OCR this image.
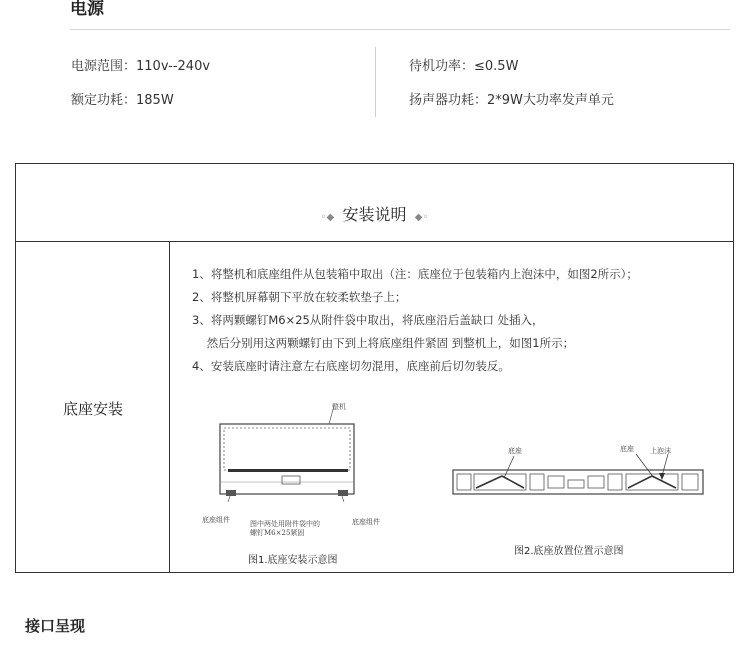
电源
电源范围：110v--240v
额定功耗：185W
待机功率：≤0.5W
扬声器功耗：2*9W大功率发声单元
◦◆  安装说明  ◆◦
底座安装
1、将整机和底座组件从包装箱中取出（注：底座位于包装箱内上泡沫中，如图2所示）；
2、将整机屏幕朝下平放在较柔软垫子上；
3、将两颗螺钉M6×25从附件袋中取出，将底座沿后盖缺口 处插入，
然后分别用这两颗螺钉由下到上将底座组件紧固 到整机上，如图1所示；
4、安装底座时请注意左右底座切勿混用，底座前后切勿装反。
整机
底座组件	图中两处用附件袋中的
螺钉M6×25紧固
底座组件
图1.底座安装示意图
底座	底座 上泡沫
图2.底座放置位置示意图
接口呈现
